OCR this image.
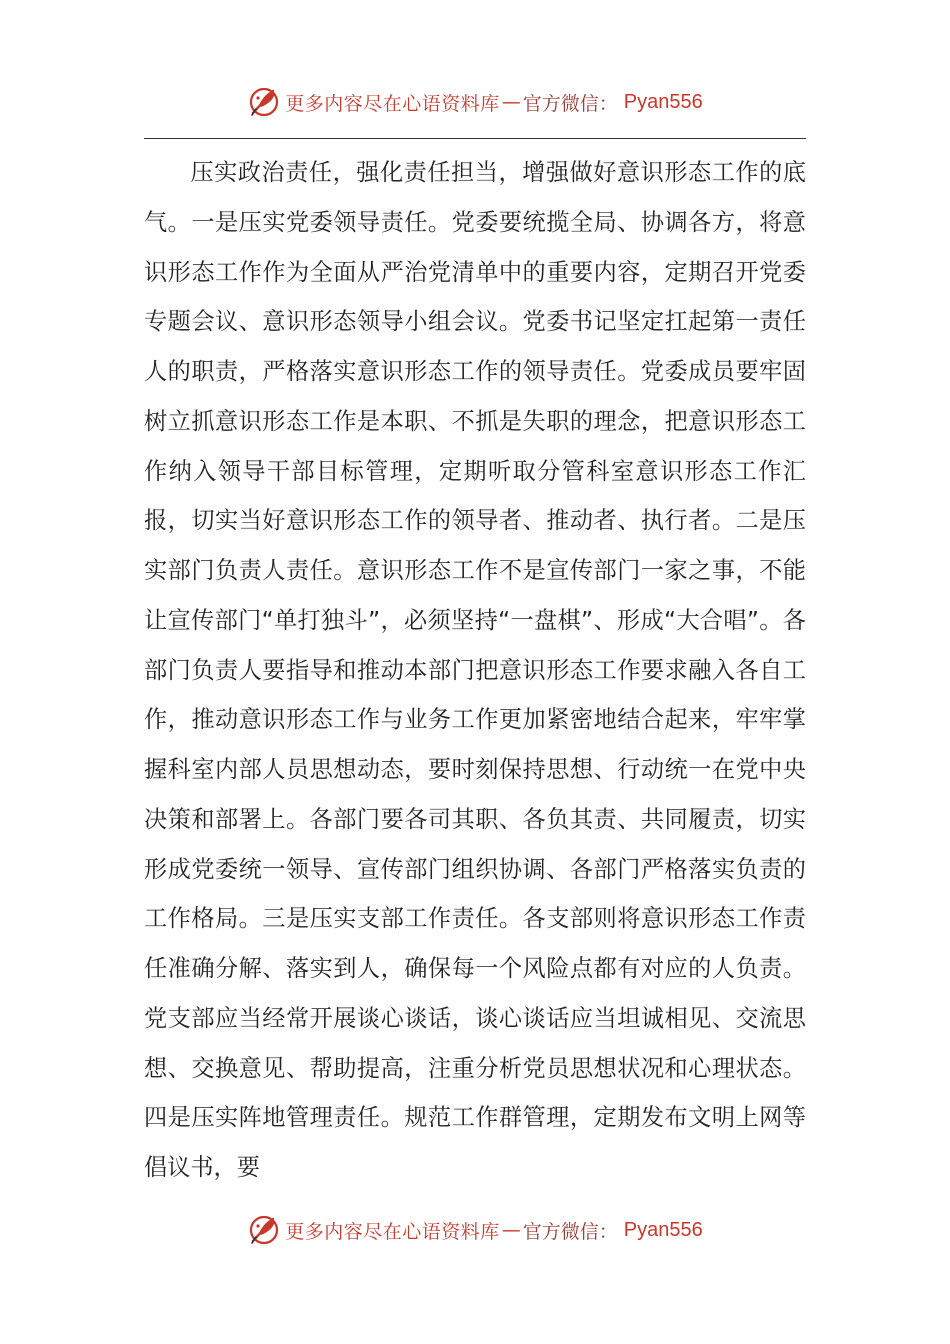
更多内容尽在心语资料库 — 官方微信： Pyan556

压实政治责任，强化责任担当，增强做好意识形态工作的底气。一是压实党委领导责任。党委要统揽全局、协调各方，将意识形态工作作为全面从严治党清单中的重要内容，定期召开党委专题会议、意识形态领导小组会议。党委书记坚定扛起第一责任人的职责，严格落实意识形态工作的领导责任。党委成员要牢固树立抓意识形态工作是本职、不抓是失职的理念，把意识形态工作纳入领导干部目标管理，定期听取分管科室意识形态工作汇报，切实当好意识形态工作的领导者、推动者、执行者。二是压实部门负责人责任。意识形态工作不是宣传部门一家之事，不能让宣传部门“单打独斗”，必须坚持“一盘棋”、形成“大合唱”。各部门负责人要指导和推动本部门把意识形态工作要求融入各自工作，推动意识形态工作与业务工作更加紧密地结合起来，牢牢掌握科室内部人员思想动态，要时刻保持思想、行动统一在党中央决策和部署上。各部门要各司其职、各负其责、共同履责，切实形成党委统一领导、宣传部门组织协调、各部门严格落实负责的工作格局。三是压实支部工作责任。各支部则将意识形态工作责任准确分解、落实到人，确保每一个风险点都有对应的人负责。党支部应当经常开展谈心谈话，谈心谈话应当坦诚相见、交流思想、交换意见、帮助提高，注重分析党员思想状况和心理状态。四是压实阵地管理责任。规范工作群管理，定期发布文明上网等倡议书，要

更多内容尽在心语资料库 — 官方微信： Pyan556
